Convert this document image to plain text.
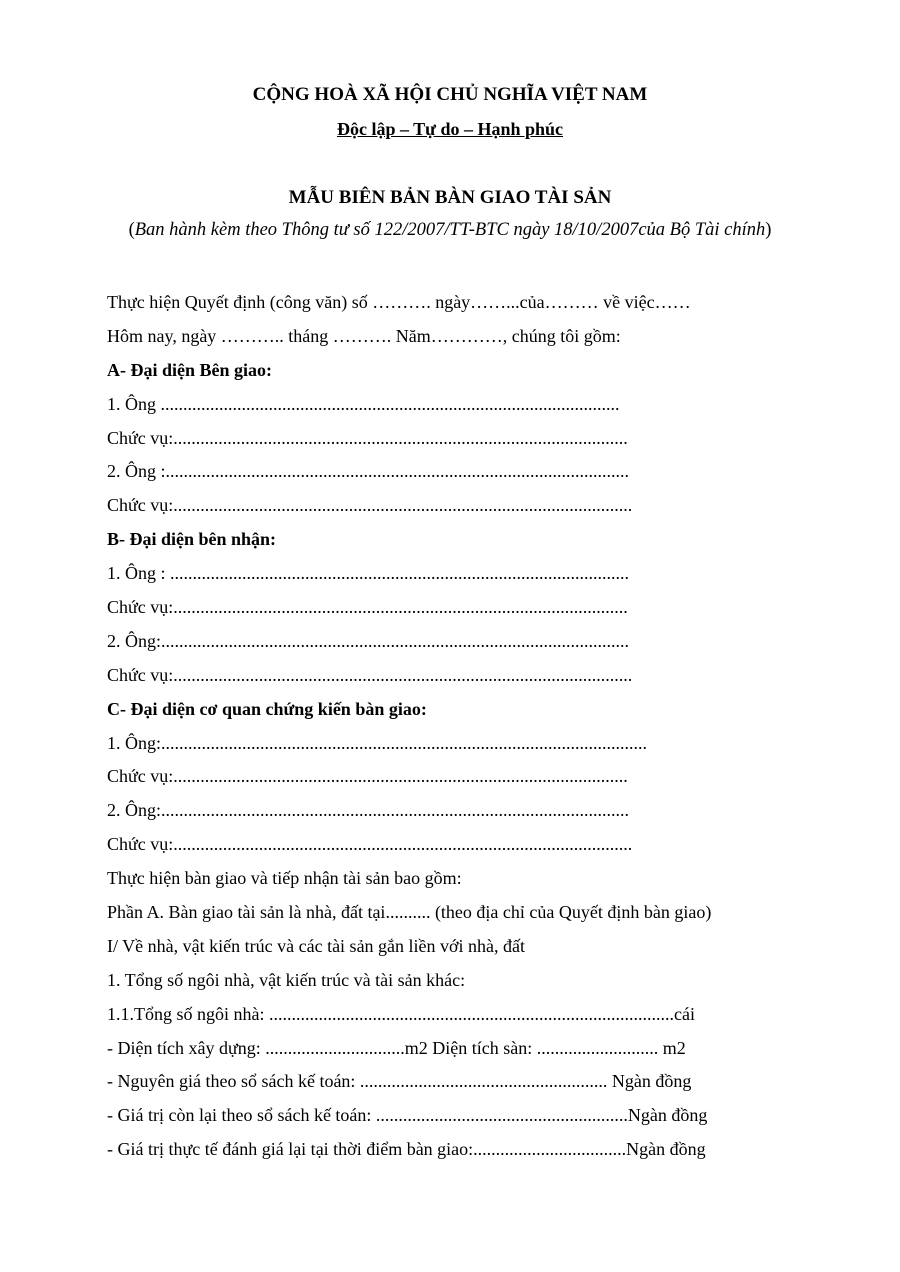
CỘNG HOÀ XÃ HỘI CHỦ NGHĨA VIỆT NAM
Độc lập – Tự do – Hạnh phúc
MẪU BIÊN BẢN BÀN GIAO TÀI SẢN
(Ban hành kèm theo Thông tư số 122/2007/TT-BTC ngày 18/10/2007của Bộ Tài chính)
Thực hiện Quyết định (công văn) số ………. ngày……...của……… về việc……
Hôm nay, ngày ……….. tháng ………. Năm…………, chúng tôi gồm:
A- Đại diện Bên giao:
1. Ông ......................................................................................................
Chức vụ:.....................................................................................................
2. Ông :.......................................................................................................
Chức vụ:......................................................................................................
B- Đại diện bên nhận:
1. Ông : ......................................................................................................
Chức vụ:.....................................................................................................
2. Ông:........................................................................................................
Chức vụ:......................................................................................................
C- Đại diện cơ quan chứng kiến bàn giao:
1. Ông:............................................................................................................
Chức vụ:.....................................................................................................
2. Ông:........................................................................................................
Chức vụ:......................................................................................................
Thực hiện bàn giao và tiếp nhận tài sản bao gồm:
Phần A. Bàn giao tài sản là nhà, đất tại.......... (theo địa chỉ của Quyết định bàn giao)
I/ Về nhà, vật kiến trúc và các tài sản gắn liền với nhà, đất
1. Tổng số ngôi nhà, vật kiến trúc và tài sản khác:
1.1.Tổng số ngôi nhà: ..........................................................................................cái
- Diện tích xây dựng: ...............................m2 Diện tích sàn: ........................... m2
- Nguyên giá theo sổ sách kế toán: ....................................................... Ngàn đồng
- Giá trị còn lại theo sổ sách kế toán: ........................................................Ngàn đồng
- Giá trị thực tế đánh giá lại tại thời điểm bàn giao:..................................Ngàn đồng
